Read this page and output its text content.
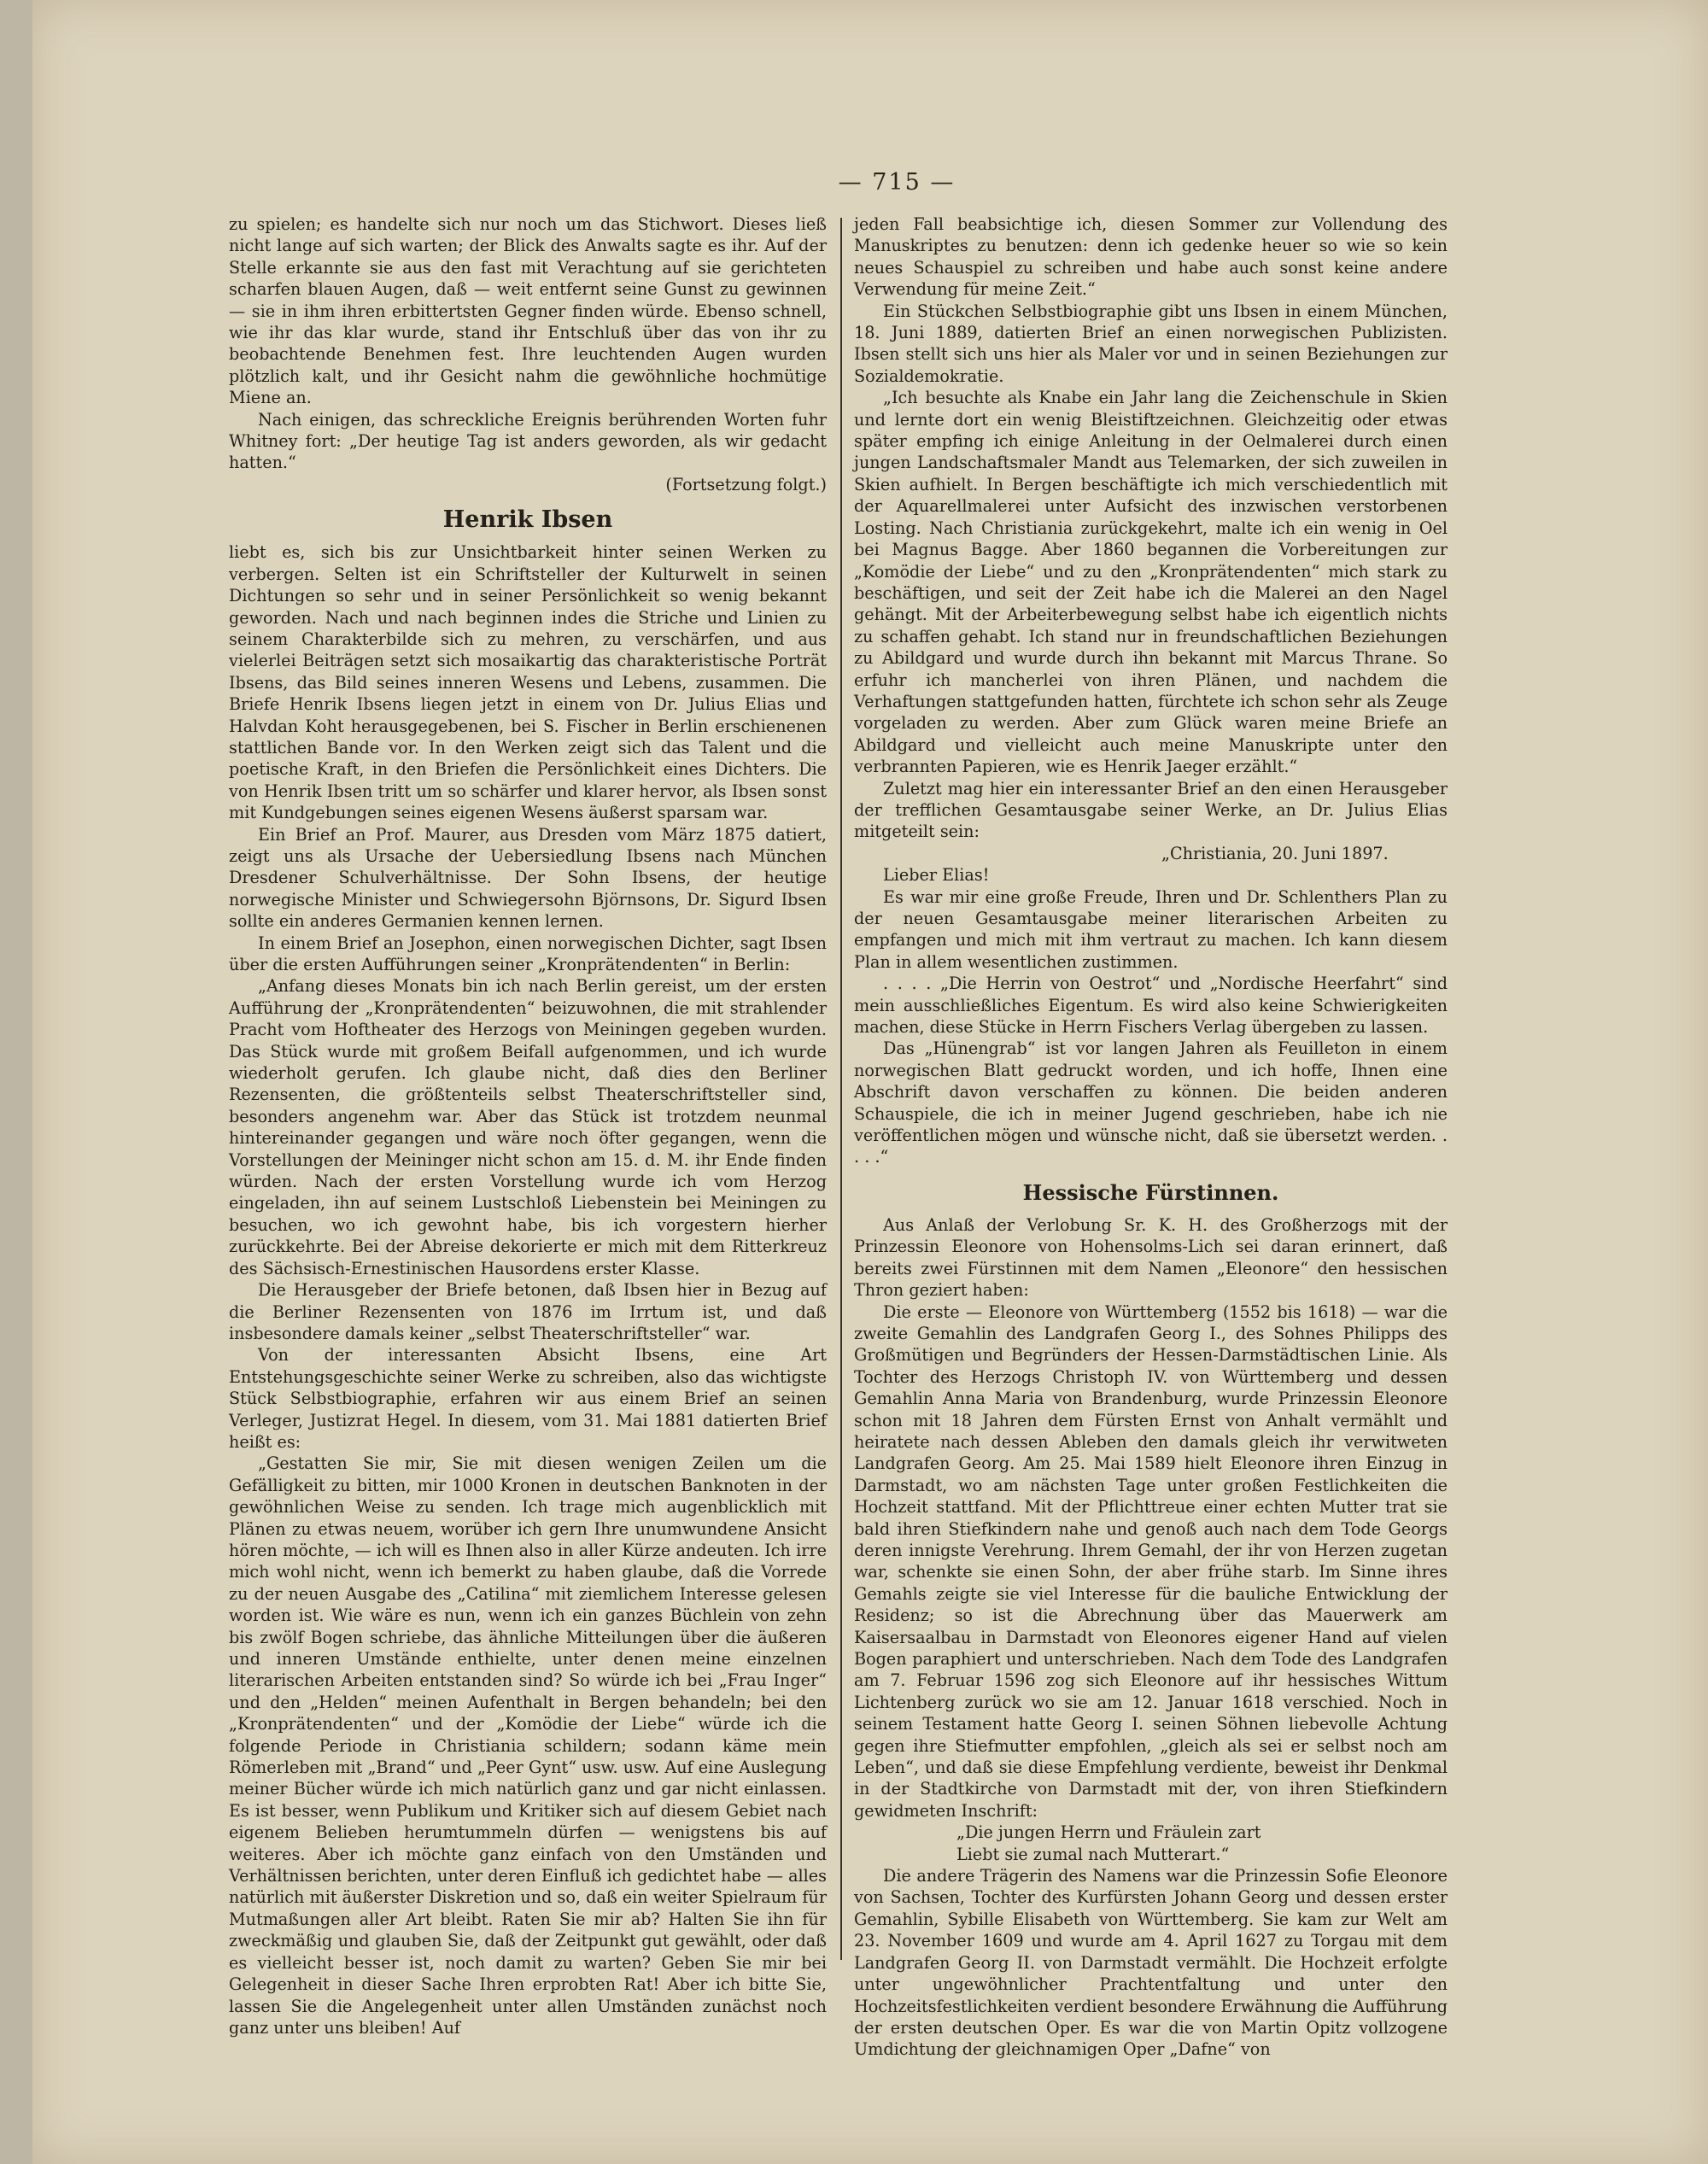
— 715 —

zu spielen; es handelte sich nur noch um das Stichwort. Dieses ließ nicht lange auf sich warten; der Blick des Anwalts sagte es ihr. Auf der Stelle erkannte sie aus den fast mit Verachtung auf sie gerichteten scharfen blauen Augen, daß — weit entfernt seine Gunst zu gewinnen — sie in ihm ihren erbittertsten Gegner finden würde. Ebenso schnell, wie ihr das klar wurde, stand ihr Entschluß über das von ihr zu beobachtende Benehmen fest. Ihre leuchtenden Augen wurden plötzlich kalt, und ihr Gesicht nahm die gewöhnliche hochmütige Miene an.

Nach einigen, das schreckliche Ereignis berührenden Worten fuhr Whitney fort: „Der heutige Tag ist anders geworden, als wir gedacht hatten.“

(Fortsetzung folgt.)

Henrik Ibsen

liebt es, sich bis zur Unsichtbarkeit hinter seinen Werken zu verbergen. Selten ist ein Schriftsteller der Kulturwelt in seinen Dichtungen so sehr und in seiner Persönlichkeit so wenig bekannt geworden. Nach und nach beginnen indes die Striche und Linien zu seinem Charakterbilde sich zu mehren, zu verschärfen, und aus vielerlei Beiträgen setzt sich mosaikartig das charakteristische Porträt Ibsens, das Bild seines inneren Wesens und Lebens, zusammen. Die Briefe Henrik Ibsens liegen jetzt in einem von Dr. Julius Elias und Halvdan Koht herausgegebenen, bei S. Fischer in Berlin erschienenen stattlichen Bande vor. In den Werken zeigt sich das Talent und die poetische Kraft, in den Briefen die Persönlichkeit eines Dichters. Die von Henrik Ibsen tritt um so schärfer und klarer hervor, als Ibsen sonst mit Kundgebungen seines eigenen Wesens äußerst sparsam war.

Ein Brief an Prof. Maurer, aus Dresden vom März 1875 datiert, zeigt uns als Ursache der Uebersiedlung Ibsens nach München Dresdener Schulverhältnisse. Der Sohn Ibsens, der heutige norwegische Minister und Schwiegersohn Björnsons, Dr. Sigurd Ibsen sollte ein anderes Germanien kennen lernen.

In einem Brief an Josephon, einen norwegischen Dichter, sagt Ibsen über die ersten Aufführungen seiner „Kronprätendenten“ in Berlin:

„Anfang dieses Monats bin ich nach Berlin gereist, um der ersten Aufführung der „Kronprätendenten“ beizuwohnen, die mit strahlender Pracht vom Hoftheater des Herzogs von Meiningen gegeben wurden. Das Stück wurde mit großem Beifall aufgenommen, und ich wurde wiederholt gerufen. Ich glaube nicht, daß dies den Berliner Rezensenten, die größtenteils selbst Theaterschriftsteller sind, besonders angenehm war. Aber das Stück ist trotzdem neunmal hintereinander gegangen und wäre noch öfter gegangen, wenn die Vorstellungen der Meininger nicht schon am 15. d. M. ihr Ende finden würden. Nach der ersten Vorstellung wurde ich vom Herzog eingeladen, ihn auf seinem Lustschloß Liebenstein bei Meiningen zu besuchen, wo ich gewohnt habe, bis ich vorgestern hierher zurückkehrte. Bei der Abreise dekorierte er mich mit dem Ritterkreuz des Sächsisch-Ernestinischen Hausordens erster Klasse.

Die Herausgeber der Briefe betonen, daß Ibsen hier in Bezug auf die Berliner Rezensenten von 1876 im Irrtum ist, und daß insbesondere damals keiner „selbst Theaterschriftsteller“ war.

Von der interessanten Absicht Ibsens, eine Art Entstehungsgeschichte seiner Werke zu schreiben, also das wichtigste Stück Selbstbiographie, erfahren wir aus einem Brief an seinen Verleger, Justizrat Hegel. In diesem, vom 31. Mai 1881 datierten Brief heißt es:

„Gestatten Sie mir, Sie mit diesen wenigen Zeilen um die Gefälligkeit zu bitten, mir 1000 Kronen in deutschen Banknoten in der gewöhnlichen Weise zu senden. Ich trage mich augenblicklich mit Plänen zu etwas neuem, worüber ich gern Ihre unumwundene Ansicht hören möchte, — ich will es Ihnen also in aller Kürze andeuten. Ich irre mich wohl nicht, wenn ich bemerkt zu haben glaube, daß die Vorrede zu der neuen Ausgabe des „Catilina“ mit ziemlichem Interesse gelesen worden ist. Wie wäre es nun, wenn ich ein ganzes Büchlein von zehn bis zwölf Bogen schriebe, das ähnliche Mitteilungen über die äußeren und inneren Umstände enthielte, unter denen meine einzelnen literarischen Arbeiten entstanden sind? So würde ich bei „Frau Inger“ und den „Helden“ meinen Aufenthalt in Bergen behandeln; bei den „Kronprätendenten“ und der „Komödie der Liebe“ würde ich die folgende Periode in Christiania schildern; sodann käme mein Römerleben mit „Brand“ und „Peer Gynt“ usw. usw. Auf eine Auslegung meiner Bücher würde ich mich natürlich ganz und gar nicht einlassen. Es ist besser, wenn Publikum und Kritiker sich auf diesem Gebiet nach eigenem Belieben herumtummeln dürfen — wenigstens bis auf weiteres. Aber ich möchte ganz einfach von den Umständen und Verhältnissen berichten, unter deren Einfluß ich gedichtet habe — alles natürlich mit äußerster Diskretion und so, daß ein weiter Spielraum für Mutmaßungen aller Art bleibt. Raten Sie mir ab? Halten Sie ihn für zweckmäßig und glauben Sie, daß der Zeitpunkt gut gewählt, oder daß es vielleicht besser ist, noch damit zu warten? Geben Sie mir bei Gelegenheit in dieser Sache Ihren erprobten Rat! Aber ich bitte Sie, lassen Sie die Angelegenheit unter allen Umständen zunächst noch ganz unter uns bleiben! Auf

jeden Fall beabsichtige ich, diesen Sommer zur Vollendung des Manuskriptes zu benutzen: denn ich gedenke heuer so wie so kein neues Schauspiel zu schreiben und habe auch sonst keine andere Verwendung für meine Zeit.“

Ein Stückchen Selbstbiographie gibt uns Ibsen in einem München, 18. Juni 1889, datierten Brief an einen norwegischen Publizisten. Ibsen stellt sich uns hier als Maler vor und in seinen Beziehungen zur Sozialdemokratie.

„Ich besuchte als Knabe ein Jahr lang die Zeichenschule in Skien und lernte dort ein wenig Bleistiftzeichnen. Gleichzeitig oder etwas später empfing ich einige Anleitung in der Oelmalerei durch einen jungen Landschaftsmaler Mandt aus Telemarken, der sich zuweilen in Skien aufhielt. In Bergen beschäftigte ich mich verschiedentlich mit der Aquarellmalerei unter Aufsicht des inzwischen verstorbenen Losting. Nach Christiania zurückgekehrt, malte ich ein wenig in Oel bei Magnus Bagge. Aber 1860 begannen die Vorbereitungen zur „Komödie der Liebe“ und zu den „Kronprätendenten“ mich stark zu beschäftigen, und seit der Zeit habe ich die Malerei an den Nagel gehängt. Mit der Arbeiterbewegung selbst habe ich eigentlich nichts zu schaffen gehabt. Ich stand nur in freundschaftlichen Beziehungen zu Abildgard und wurde durch ihn bekannt mit Marcus Thrane. So erfuhr ich mancherlei von ihren Plänen, und nachdem die Verhaftungen stattgefunden hatten, fürchtete ich schon sehr als Zeuge vorgeladen zu werden. Aber zum Glück waren meine Briefe an Abildgard und vielleicht auch meine Manuskripte unter den verbrannten Papieren, wie es Henrik Jaeger erzählt.“

Zuletzt mag hier ein interessanter Brief an den einen Herausgeber der trefflichen Gesamtausgabe seiner Werke, an Dr. Julius Elias mitgeteilt sein:

„Christiania, 20. Juni 1897.

Lieber Elias!

Es war mir eine große Freude, Ihren und Dr. Schlenthers Plan zu der neuen Gesamtausgabe meiner literarischen Arbeiten zu empfangen und mich mit ihm vertraut zu machen. Ich kann diesem Plan in allem wesentlichen zustimmen.

. . . . „Die Herrin von Oestrot“ und „Nordische Heerfahrt“ sind mein ausschließliches Eigentum. Es wird also keine Schwierigkeiten machen, diese Stücke in Herrn Fischers Verlag übergeben zu lassen.

Das „Hünengrab“ ist vor langen Jahren als Feuilleton in einem norwegischen Blatt gedruckt worden, und ich hoffe, Ihnen eine Abschrift davon verschaffen zu können. Die beiden anderen Schauspiele, die ich in meiner Jugend geschrieben, habe ich nie veröffentlichen mögen und wünsche nicht, daß sie übersetzt werden. . . . .“

Hessische Fürstinnen.

Aus Anlaß der Verlobung Sr. K. H. des Großherzogs mit der Prinzessin Eleonore von Hohensolms-Lich sei daran erinnert, daß bereits zwei Fürstinnen mit dem Namen „Eleonore“ den hessischen Thron geziert haben:

Die erste — Eleonore von Württemberg (1552 bis 1618) — war die zweite Gemahlin des Landgrafen Georg I., des Sohnes Philipps des Großmütigen und Begründers der Hessen-Darmstädtischen Linie. Als Tochter des Herzogs Christoph IV. von Württemberg und dessen Gemahlin Anna Maria von Brandenburg, wurde Prinzessin Eleonore schon mit 18 Jahren dem Fürsten Ernst von Anhalt vermählt und heiratete nach dessen Ableben den damals gleich ihr verwitweten Landgrafen Georg. Am 25. Mai 1589 hielt Eleonore ihren Einzug in Darmstadt, wo am nächsten Tage unter großen Festlichkeiten die Hochzeit stattfand. Mit der Pflichttreue einer echten Mutter trat sie bald ihren Stiefkindern nahe und genoß auch nach dem Tode Georgs deren innigste Verehrung. Ihrem Gemahl, der ihr von Herzen zugetan war, schenkte sie einen Sohn, der aber frühe starb. Im Sinne ihres Gemahls zeigte sie viel Interesse für die bauliche Entwicklung der Residenz; so ist die Abrechnung über das Mauerwerk am Kaisersaalbau in Darmstadt von Eleonores eigener Hand auf vielen Bogen paraphiert und unterschrieben. Nach dem Tode des Landgrafen am 7. Februar 1596 zog sich Eleonore auf ihr hessisches Wittum Lichtenberg zurück wo sie am 12. Januar 1618 verschied. Noch in seinem Testament hatte Georg I. seinen Söhnen liebevolle Achtung gegen ihre Stiefmutter empfohlen, „gleich als sei er selbst noch am Leben“, und daß sie diese Empfehlung verdiente, beweist ihr Denkmal in der Stadtkirche von Darmstadt mit der, von ihren Stiefkindern gewidmeten Inschrift:

„Die jungen Herrn und Fräulein zart

Liebt sie zumal nach Mutterart.“

Die andere Trägerin des Namens war die Prinzessin Sofie Eleonore von Sachsen, Tochter des Kurfürsten Johann Georg und dessen erster Gemahlin, Sybille Elisabeth von Württemberg. Sie kam zur Welt am 23. November 1609 und wurde am 4. April 1627 zu Torgau mit dem Landgrafen Georg II. von Darmstadt vermählt. Die Hochzeit erfolgte unter ungewöhnlicher Prachtentfaltung und unter den Hochzeitsfestlichkeiten verdient besondere Erwähnung die Aufführung der ersten deutschen Oper. Es war die von Martin Opitz vollzogene Umdichtung der gleichnamigen Oper „Dafne“ von
